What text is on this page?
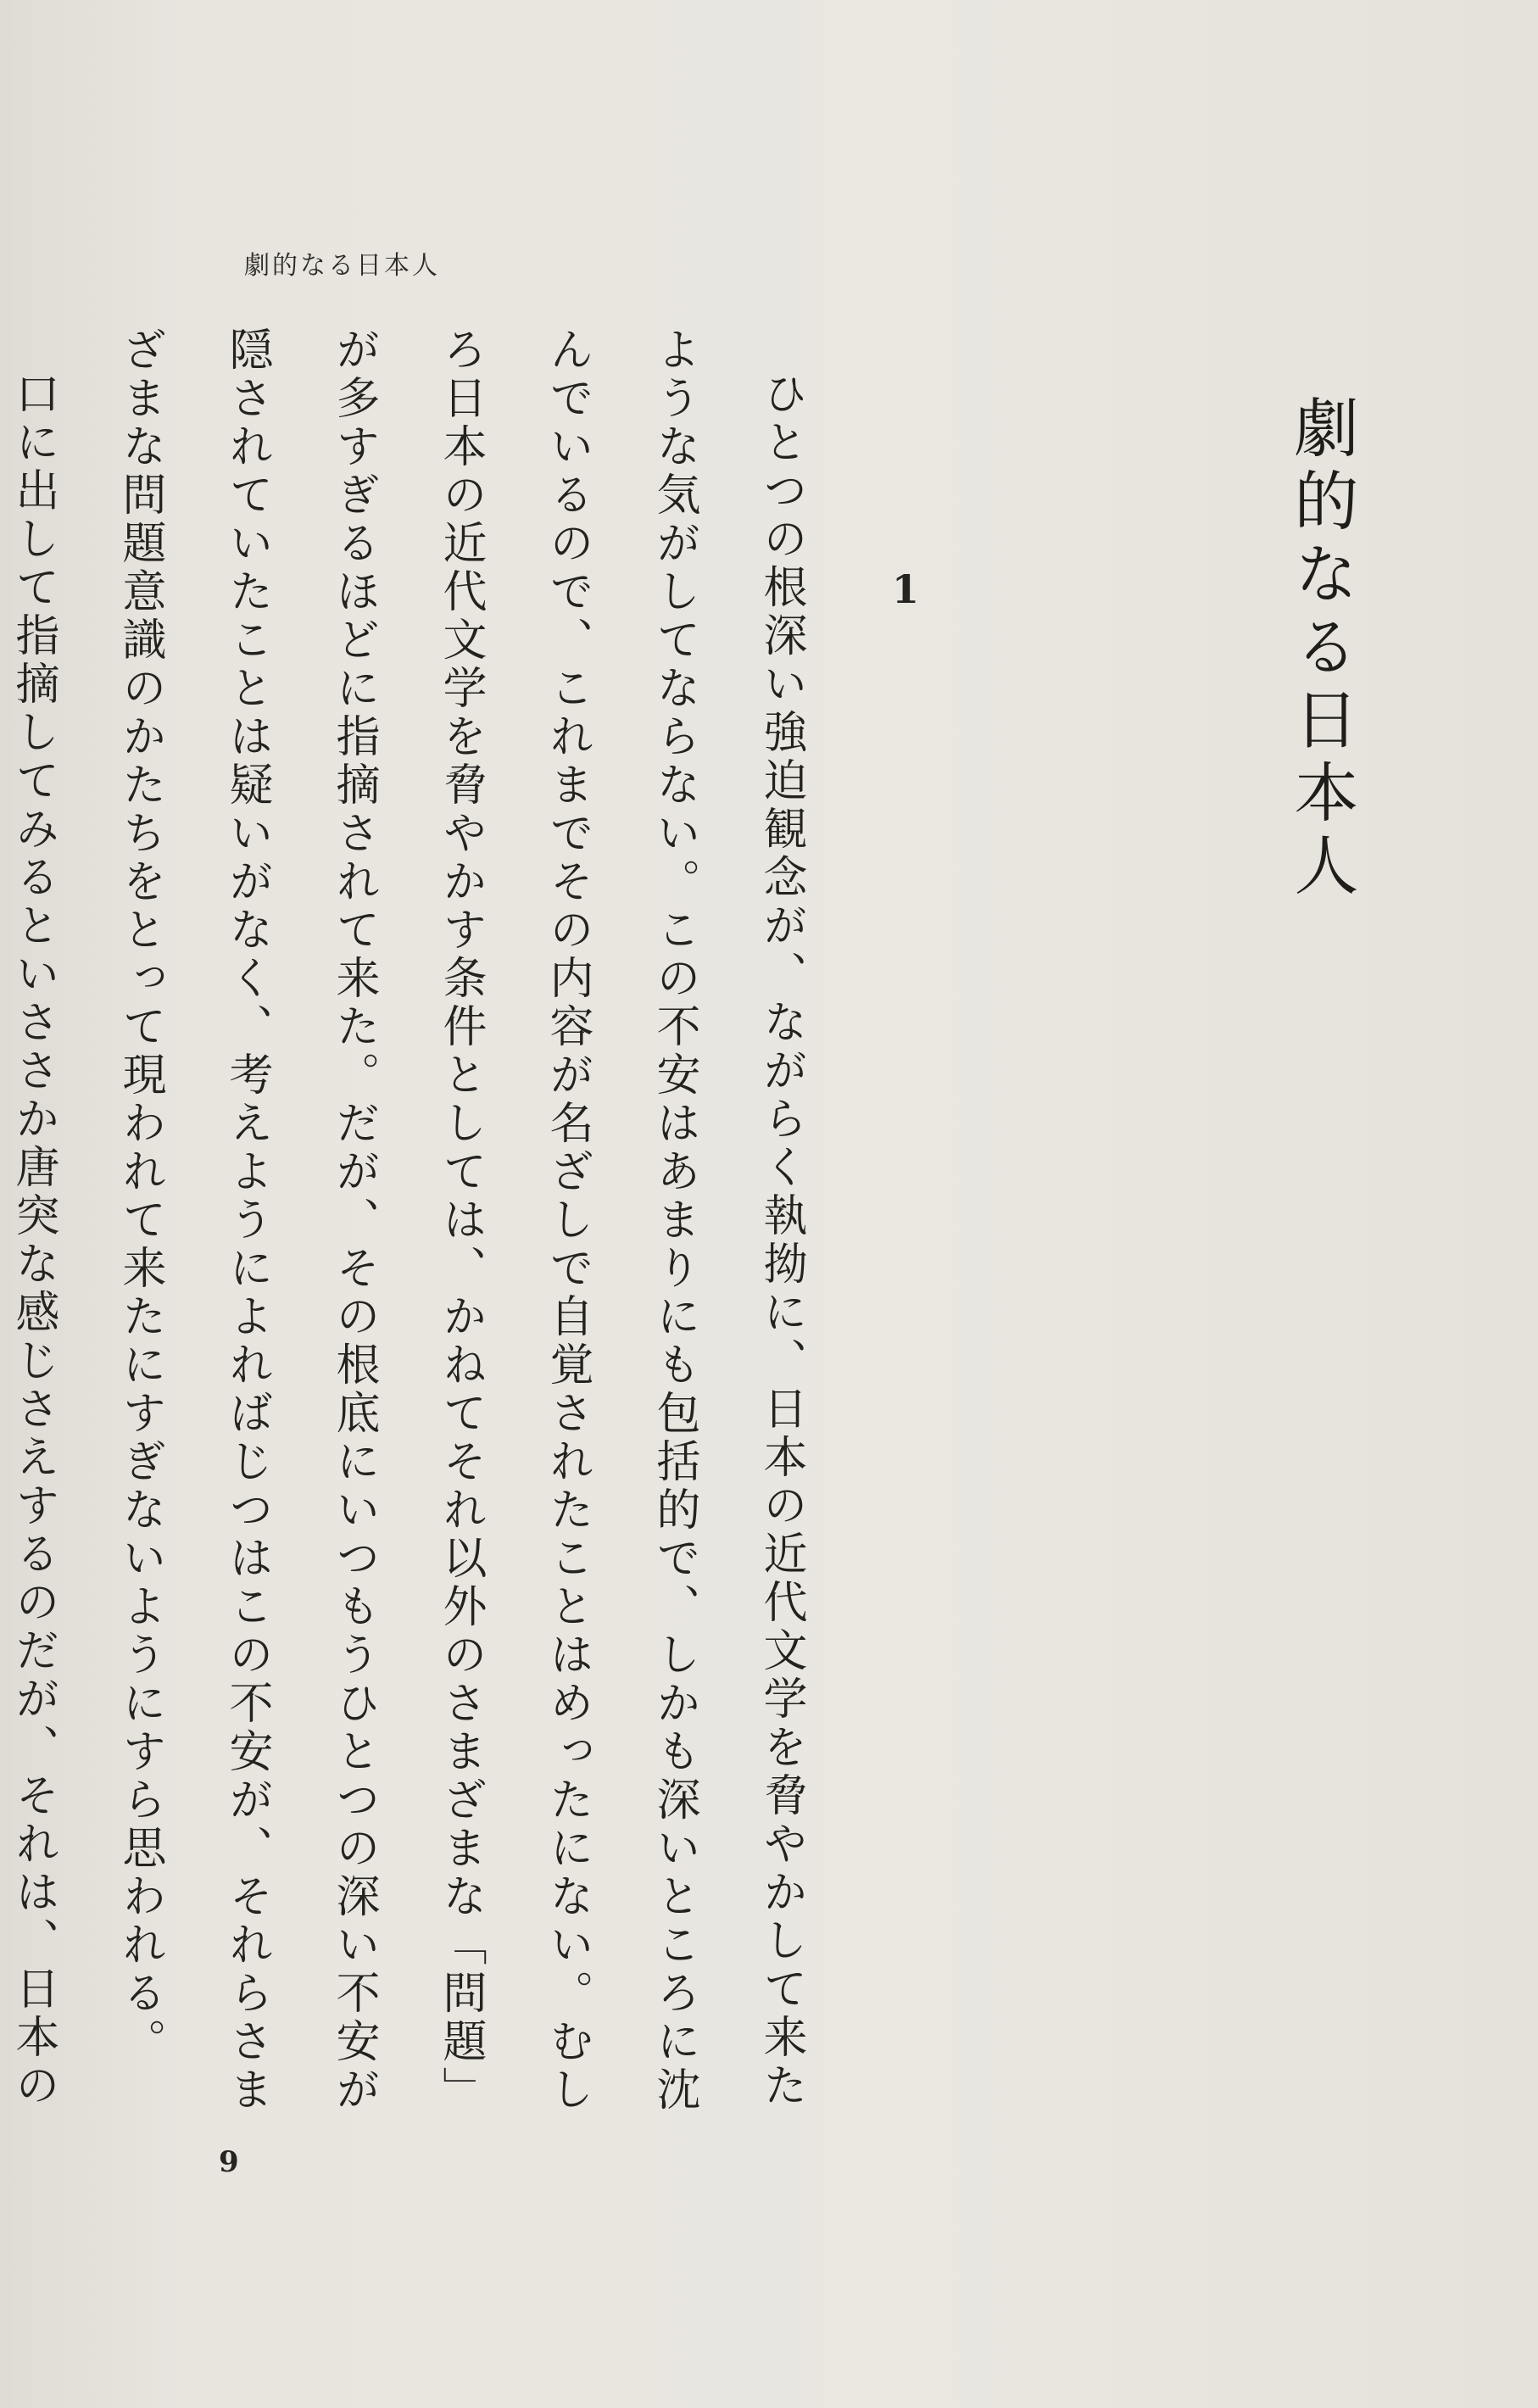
劇的なる日本人
劇的なる日本人
1

ひとつの根深い強迫観念が、ながらく執拗に、日本の近代文学を脅やかして来たような気がしてならない。この不安はあまりにも包括的で、しかも深いところに沈んでいるので、これまでその内容が名ざしで自覚されたことはめったにない。むしろ日本の近代文学を脅やかす条件としては、かねてそれ以外のさまざまな「問題」が多すぎるほどに指摘されて来た。だが、その根底にいつもうひとつの深い不安が隠されていたことは疑いがなく、考えようによればじつはこの不安が、それらさまざまな問題意識のかたちをとって現われて来たにすぎないようにすら思われる。

口に出して指摘してみるといささか唐突な感じさえするのだが、それは、日本の

9
